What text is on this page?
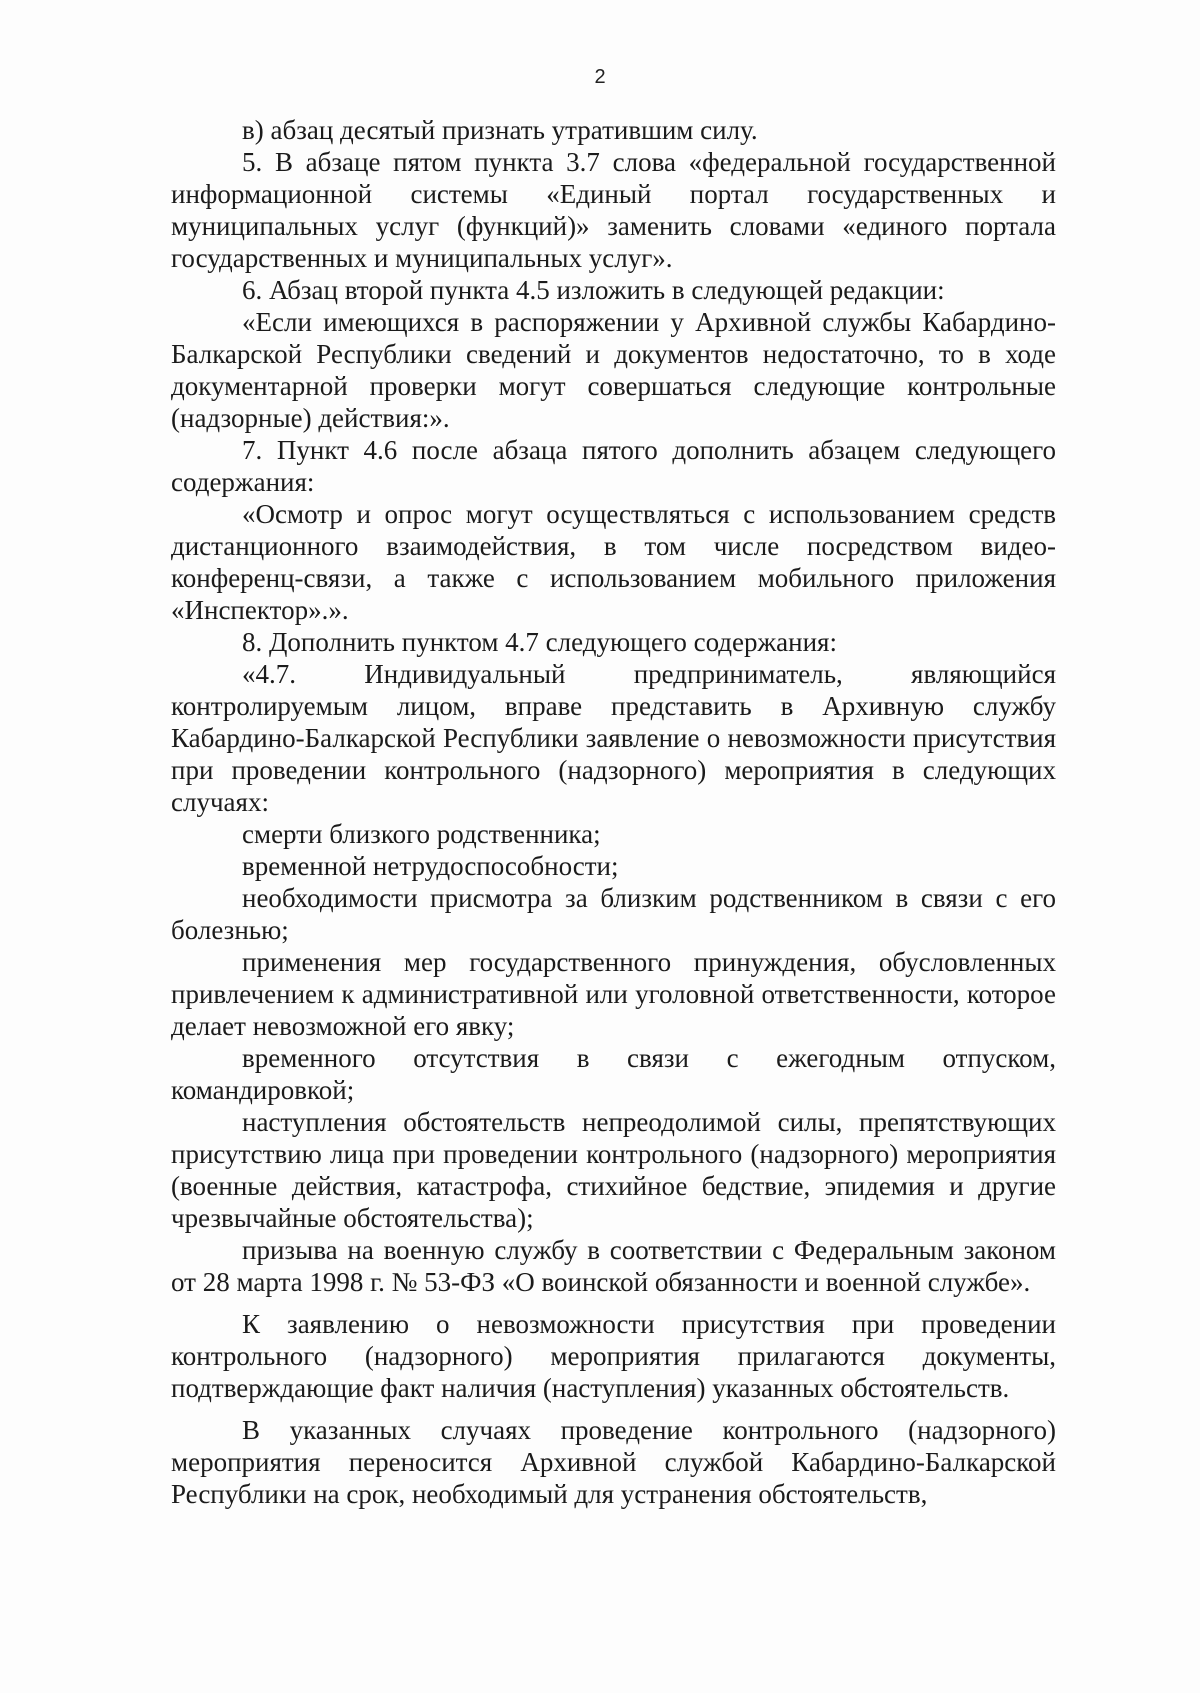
2

в) абзац десятый признать утратившим силу.

5. В абзаце пятом пункта 3.7 слова «федеральной государственной информационной системы «Единый портал государственных и муниципальных услуг (функций)» заменить словами «единого портала государственных и муниципальных услуг».

6. Абзац второй пункта 4.5 изложить в следующей редакции:

«Если имеющихся в распоряжении у Архивной службы Кабардино-Балкарской Республики сведений и документов недостаточно, то в ходе документарной проверки могут совершаться следующие контрольные (надзорные) действия:».

7. Пункт 4.6 после абзаца пятого дополнить абзацем следующего содержания:

«Осмотр и опрос могут осуществляться с использованием средств дистанционного взаимодействия, в том числе посредством видео-конференц-связи, а также с использованием мобильного приложения «Инспектор».».

8. Дополнить пунктом 4.7 следующего содержания:

«4.7. Индивидуальный предприниматель, являющийся контролируемым лицом, вправе представить в Архивную службу Кабардино-Балкарской Республики заявление о невозможности присутствия при проведении контрольного (надзорного) мероприятия в следующих случаях:

смерти близкого родственника;

временной нетрудоспособности;

необходимости присмотра за близким родственником в связи с его болезнью;

применения мер государственного принуждения, обусловленных привлечением к административной или уголовной ответственности, которое делает невозможной его явку;

временного отсутствия в связи с ежегодным отпуском, командировкой;

наступления обстоятельств непреодолимой силы, препятствующих присутствию лица при проведении контрольного (надзорного) мероприятия (военные действия, катастрофа, стихийное бедствие, эпидемия и другие чрезвычайные обстоятельства);

призыва на военную службу в соответствии с Федеральным законом от 28 марта 1998 г. № 53-ФЗ «О воинской обязанности и военной службе».

К заявлению о невозможности присутствия при проведении контрольного (надзорного) мероприятия прилагаются документы, подтверждающие факт наличия (наступления) указанных обстоятельств.

В указанных случаях проведение контрольного (надзорного) мероприятия переносится Архивной службой Кабардино-Балкарской Республики на срок, необходимый для устранения обстоятельств,
